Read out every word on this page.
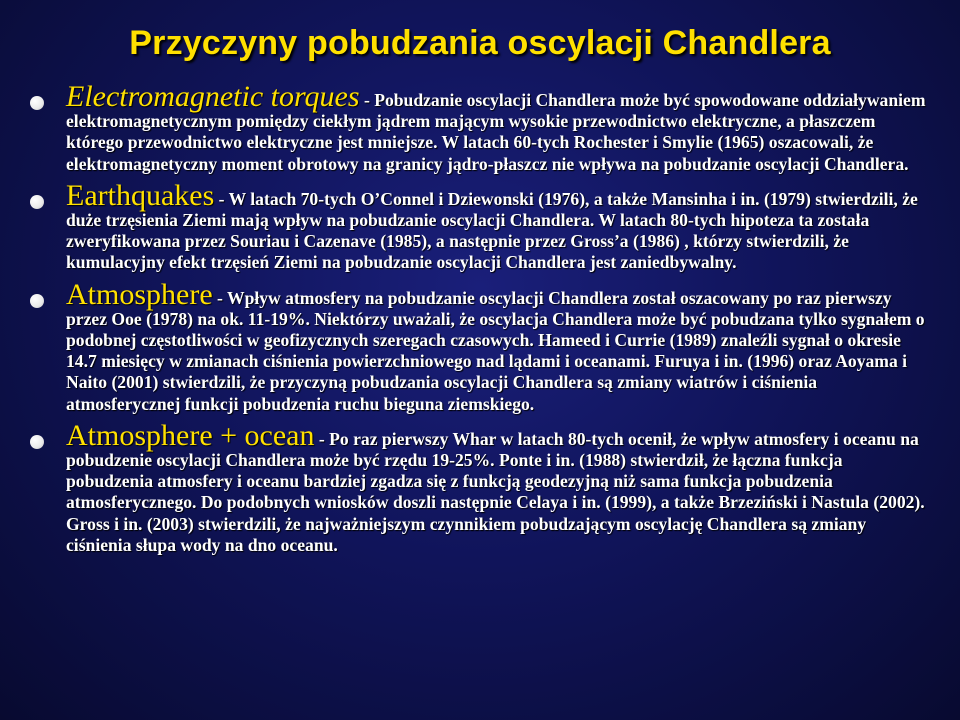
Przyczyny pobudzania oscylacji Chandlera
Electromagnetic torques - Pobudzanie oscylacji Chandlera może być spowodowane oddziaływaniem elektromagnetycznym pomiędzy ciekłym jądrem mającym wysokie przewodnictwo elektryczne, a płaszczem którego przewodnictwo elektryczne jest mniejsze. W latach 60-tych Rochester i Smylie (1965) oszacowali, że elektromagnetyczny moment obrotowy na granicy jądro-płaszcz nie wpływa na pobudzanie oscylacji Chandlera.
Earthquakes - W latach 70-tych O’Connel i Dziewonski (1976), a także Mansinha i in. (1979) stwierdzili, że duże trzęsienia Ziemi mają wpływ na pobudzanie oscylacji Chandlera. W latach 80-tych hipoteza ta została zweryfikowana przez Souriau i Cazenave (1985), a następnie przez Gross’a (1986) , którzy stwierdzili, że kumulacyjny efekt trzęsień Ziemi na pobudzanie oscylacji Chandlera jest zaniedbywalny.
Atmosphere - Wpływ atmosfery na pobudzanie oscylacji Chandlera został oszacowany po raz pierwszy przez Ooe (1978) na ok. 11-19%. Niektórzy uważali, że oscylacja Chandlera może być pobudzana tylko sygnałem o podobnej częstotliwości w geofizycznych szeregach czasowych. Hameed i Currie (1989) znaleźli sygnał o okresie 14.7 miesięcy w zmianach ciśnienia powierzchniowego nad lądami i oceanami. Furuya i in. (1996) oraz Aoyama i Naito (2001) stwierdzili, że przyczyną pobudzania oscylacji Chandlera są zmiany wiatrów i ciśnienia atmosferycznej funkcji pobudzenia ruchu bieguna ziemskiego.
Atmosphere + ocean - Po raz pierwszy Whar w latach 80-tych ocenił, że wpływ atmosfery i oceanu na pobudzenie oscylacji Chandlera może być rzędu 19-25%. Ponte i in. (1988) stwierdził, że łączna funkcja pobudzenia atmosfery i oceanu bardziej zgadza się z funkcją geodezyjną niż sama funkcja pobudzenia atmosferycznego. Do podobnych wniosków doszli następnie Celaya i in. (1999), a także Brzeziński i Nastula (2002). Gross i in. (2003) stwierdzili, że najważniejszym czynnikiem pobudzającym oscylację Chandlera są zmiany ciśnienia słupa wody na dno oceanu.
